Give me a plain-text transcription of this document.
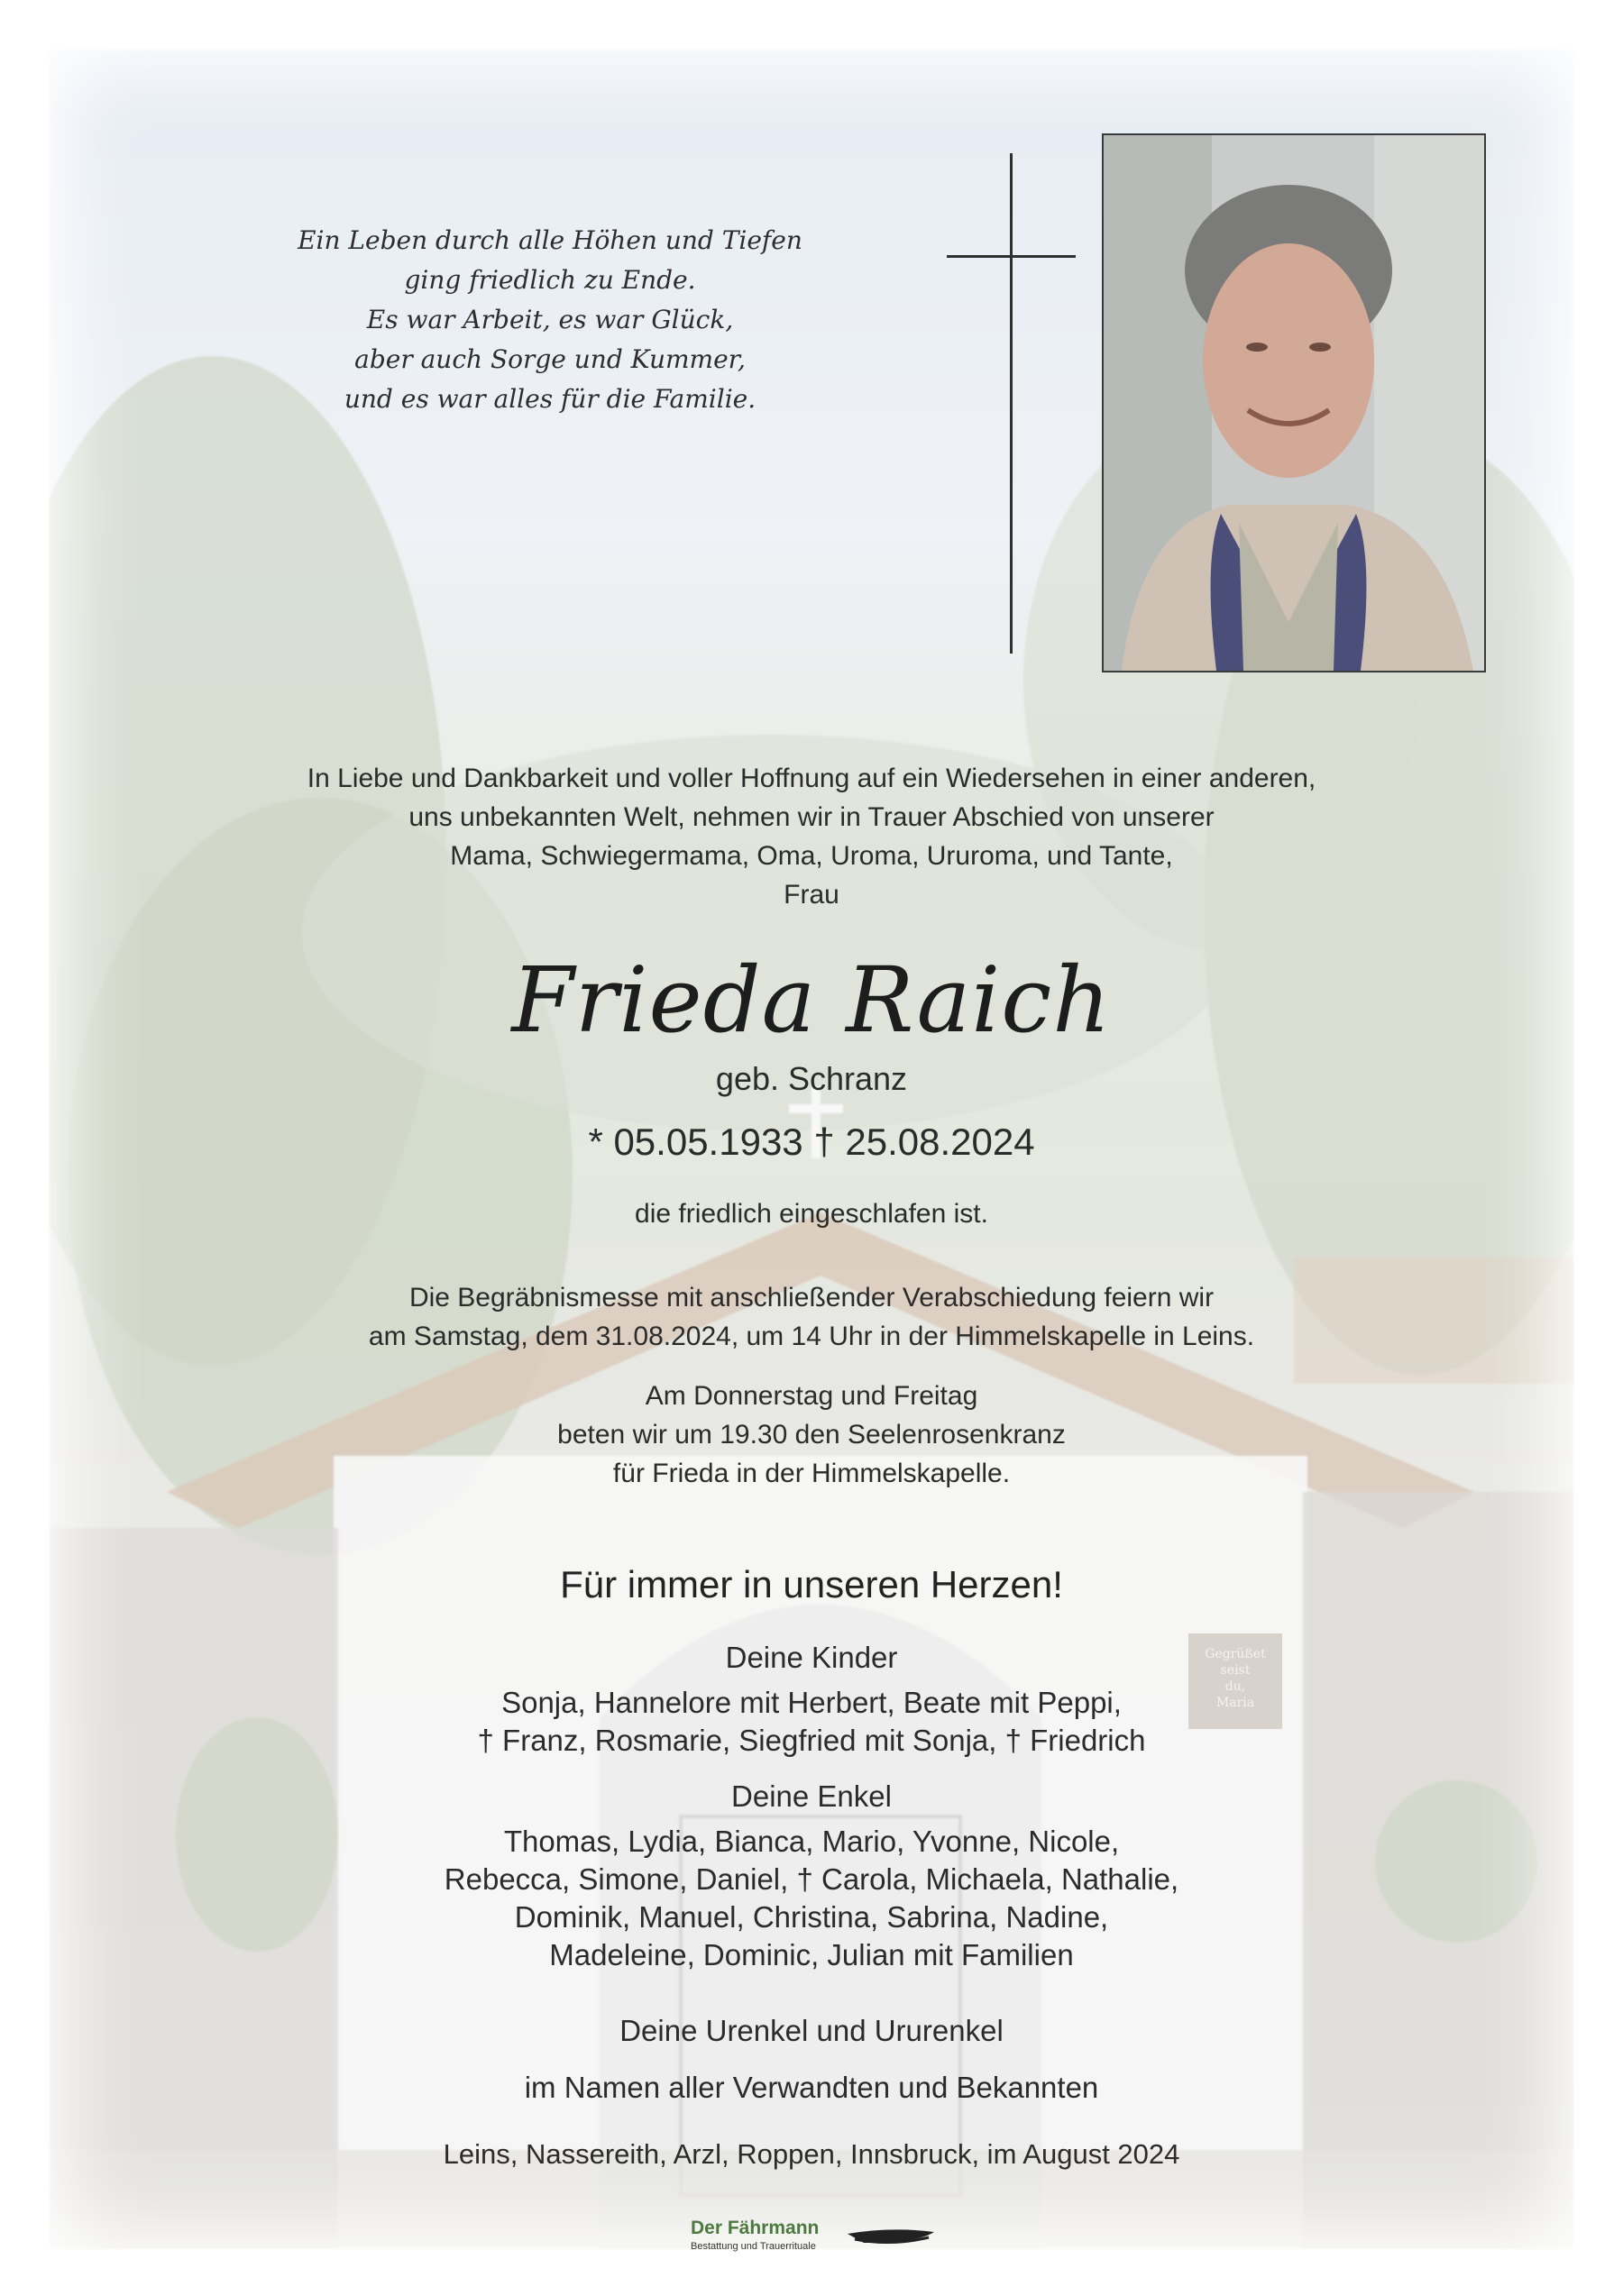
Gegrüßet seist
du,
Maria
Ein Leben durch alle Höhen und Tiefen
ging friedlich zu Ende.
Es war Arbeit, es war Glück,
aber auch Sorge und Kummer,
und es war alles für die Familie.
In Liebe und Dankbarkeit und voller Hoffnung auf ein Wiedersehen in einer anderen,
uns unbekannten Welt, nehmen wir in Trauer Abschied von unserer
Mama, Schwiegermama, Oma, Uroma, Ururoma, und Tante,
Frau
Frieda Raich
geb. Schranz
* 05.05.1933 † 25.08.2024
die friedlich eingeschlafen ist.
Die Begräbnismesse mit anschließender Verabschiedung feiern wir
am Samstag, dem 31.08.2024, um 14 Uhr in der Himmelskapelle in Leins.
Am Donnerstag und Freitag
beten wir um 19.30 den Seelenrosenkranz
für Frieda in der Himmelskapelle.
Für immer in unseren Herzen!
Deine Kinder
Sonja, Hannelore mit Herbert, Beate mit Peppi,
† Franz, Rosmarie, Siegfried mit Sonja, † Friedrich
Deine Enkel
Thomas, Lydia, Bianca, Mario, Yvonne, Nicole,
Rebecca, Simone, Daniel, † Carola, Michaela, Nathalie,
Dominik, Manuel, Christina, Sabrina, Nadine,
Madeleine, Dominic, Julian mit Familien
Deine Urenkel und Ururenkel
im Namen aller Verwandten und Bekannten
Leins, Nassereith, Arzl, Roppen, Innsbruck, im August 2024
Der Fährmann
Bestattung und Trauerrituale
